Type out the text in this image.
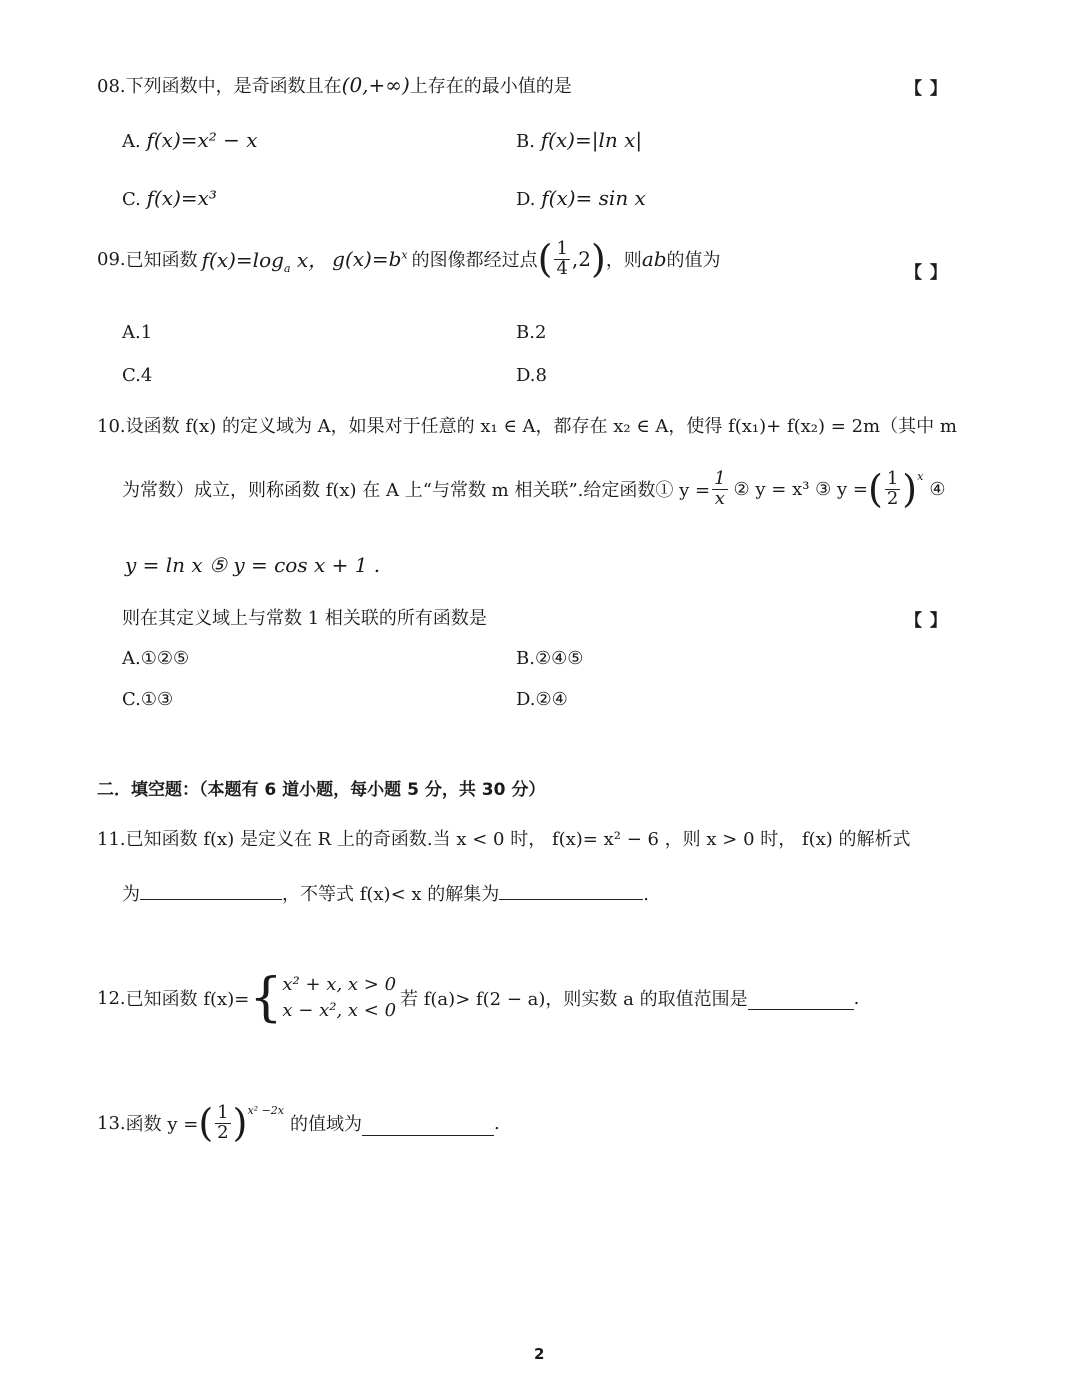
08.下列函数中，是奇函数且在(0,+∞)上存在的最小值的是	【 】
A. f(x)=x² − x	B. f(x)=|ln x|
C. f(x)=x³	D. f(x)= sin x
09. 已知函数 $f(x)=\log_a$ x， $g(x)=b^x$ 的图像都经过点 ( $\frac{1}{4} ,2$ ) ，则 ab 的值为
【 】
A.1	B.2
C.4	D.8
10.设函数 f(x) 的定义域为 A，如果对于任意的 x₁ ∈ A，都存在 x₂ ∈ A，使得 f(x₁)+ f(x₂) = 2m（其中 m
为常数）成立，则称函数 f(x) 在 A 上“与常数 m 相关联”.给定函数① $y = \frac{1}{x}$ ② y = x³ ③ y = ( $\frac{1}{2}$ ) x
④
y = ln x ⑤ y = cos x + 1 .
则在其定义域上与常数 1 相关联的所有函数是	【 】
A.①②⑤	B.②④⑤
C.①③	D.②④
二．填空题：（本题有 6 道小题，每小题 5 分，共 30 分）
11.已知函数 f(x) 是定义在 R 上的奇函数.当 x < 0 时， f(x)= x² − 6 ，则 x > 0 时， f(x) 的解析式
为	，不等式 f(x)< x 的解集为	.
12. 已知函数 f(x)= { x² + x, x > 0
x − x², x < 0
若 f(a)> f(2 − a)，则实数 a 的取值范围是	.
13. 函数 y = ( $\frac{1}{2}$ ) x² −2x
的值域为	.
2
